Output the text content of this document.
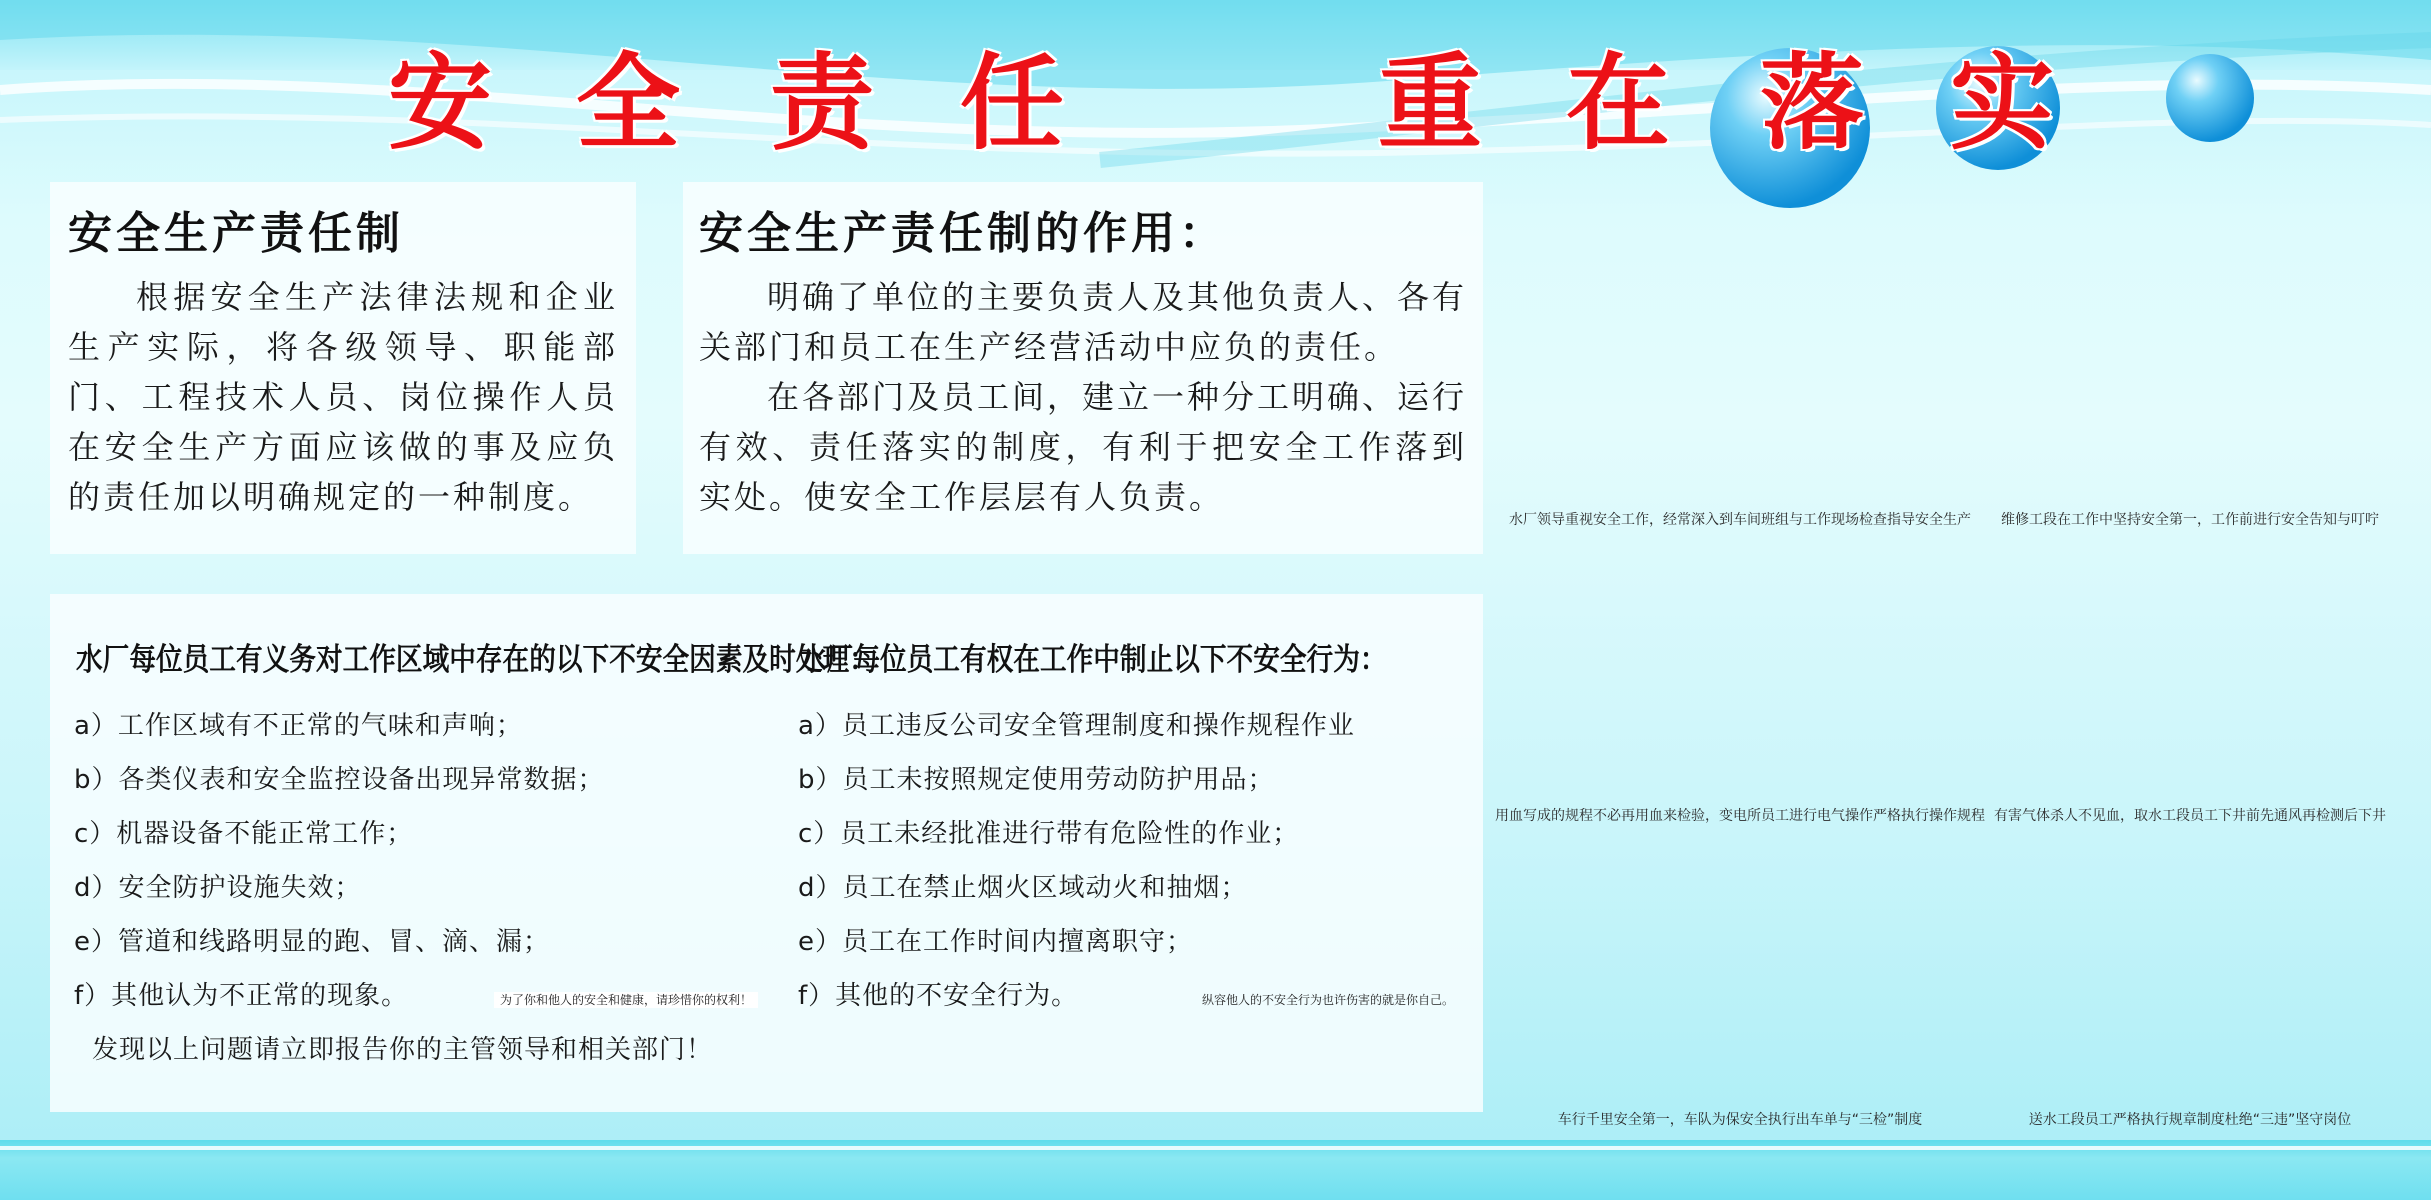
安 全 责 任	重 在 落 实
安全生产责任制

根据安全生产法律法规和企业生产实际，将各级领导、职能部门、工程技术人员、岗位操作人员在安全生产方面应该做的事及应负的责任加以明确规定的一种制度。

安全生产责任制的作用：

明确了单位的主要负责人及其他负责人、各有关部门和员工在生产经营活动中应负的责任。

在各部门及员工间，建立一种分工明确、运行有效、责任落实的制度，有利于把安全工作落到实处。使安全工作层层有人负责。

水厂每位员工有义务对工作区域中存在的以下不安全因素及时处理：
a）工作区域有不正常的气味和声响；
b）各类仪表和安全监控设备出现异常数据；
c）机器设备不能正常工作；
d）安全防护设施失效；
e）管道和线路明显的跑、冒、滴、漏；
f）其他认为不正常的现象。	为了你和他人的安全和健康，请珍惜你的权利！
发现以上问题请立即报告你的主管领导和相关部门！
水厂每位员工有权在工作中制止以下不安全行为：
a）员工违反公司安全管理制度和操作规程作业
b）员工未按照规定使用劳动防护用品；
c）员工未经批准进行带有危险性的作业；
d）员工在禁止烟火区域动火和抽烟；
e）员工在工作时间内擅离职守；
f）其他的不安全行为。	纵容他人的不安全行为也许伤害的就是你自己。
水厂领导重视安全工作，经常深入到车间班组与工作现场检查指导安全生产 维修工段在工作中坚持安全第一，工作前进行安全告知与叮咛
用血写成的规程不必再用血来检验，变电所员工进行电气操作严格执行操作规程 有害气体杀人不见血，取水工段员工下井前先通风再检测后下井
车行千里安全第一，车队为保安全执行出车单与“三检”制度	送水工段员工严格执行规章制度杜绝“三违”坚守岗位
